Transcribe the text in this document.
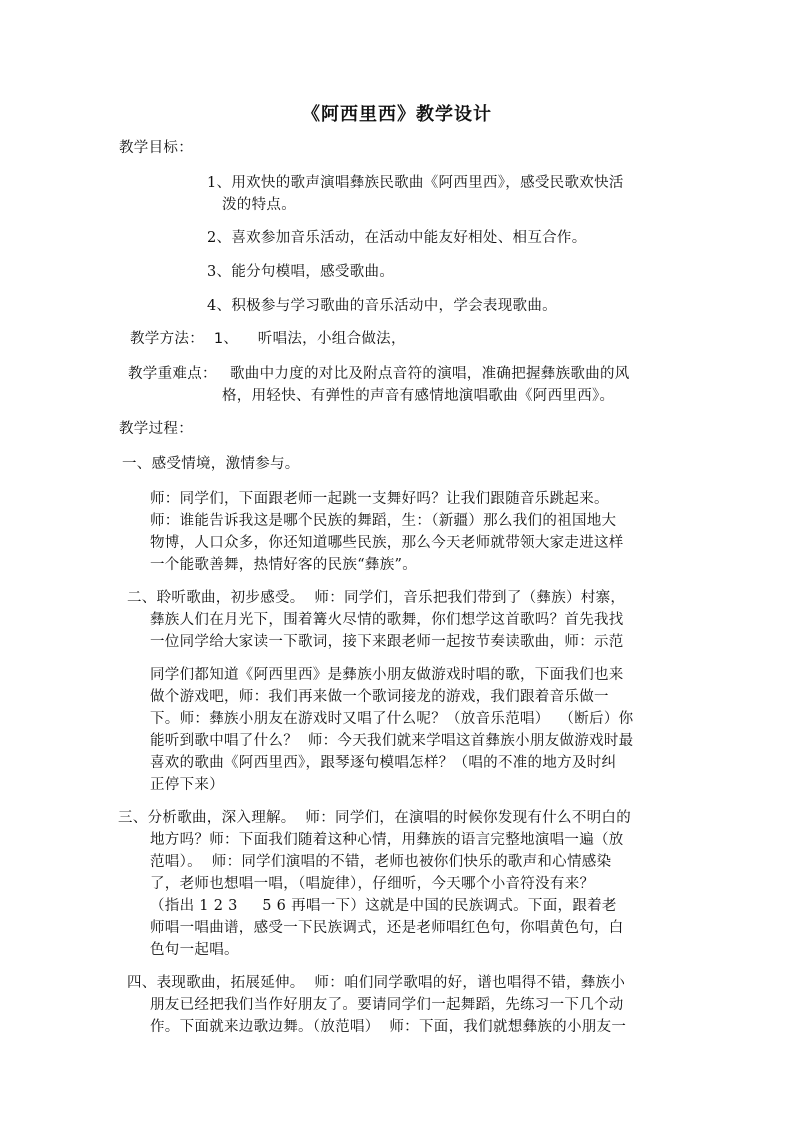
《阿西里西》教学设计
教学目标：
1、用欢快的歌声演唱彝族民歌曲《阿西里西》，感受民歌欢快活
泼的特点。
2、喜欢参加音乐活动，在活动中能友好相处、相互合作。
3、能分句模唱，感受歌曲。
4、积极参与学习歌曲的音乐活动中，学会表现歌曲。
教学方法：  1、    听唱法，小组合做法，
教学重难点： 歌曲中力度的对比及附点音符的演唱，准确把握彝族歌曲的风
格，用轻快、有弹性的声音有感情地演唱歌曲《阿西里西》。
教学过程：
一、感受情境，激情参与。
师：同学们，下面跟老师一起跳一支舞好吗？让我们跟随音乐跳起来。
师：谁能告诉我这是哪个民族的舞蹈，生：（新疆）那么我们的祖国地大
物博，人口众多，你还知道哪些民族，那么今天老师就带领大家走进这样
一个能歌善舞，热情好客的民族“彝族”。
二、聆听歌曲，初步感受。  师：同学们，音乐把我们带到了（彝族）村寨，
彝族人们在月光下，围着篝火尽情的歌舞，你们想学这首歌吗？首先我找
一位同学给大家读一下歌词，接下来跟老师一起按节奏读歌曲，师：示范
同学们都知道《阿西里西》是彝族小朋友做游戏时唱的歌，下面我们也来
做个游戏吧，师：我们再来做一个歌词接龙的游戏，我们跟着音乐做一
下。师：彝族小朋友在游戏时又唱了什么呢？（放音乐范唱）  （断后）你
能听到歌中唱了什么？  师：今天我们就来学唱这首彝族小朋友做游戏时最
喜欢的歌曲《阿西里西》，跟琴逐句模唱怎样？（唱的不准的地方及时纠
正停下来）
三、分析歌曲，深入理解。  师：同学们，在演唱的时候你发现有什么不明白的
地方吗？师：下面我们随着这种心情，用彝族的语言完整地演唱一遍（放
范唱）。  师：同学们演唱的不错，老师也被你们快乐的歌声和心情感染
了，老师也想唱一唱，（唱旋律），仔细听，今天哪个小音符没有来？
（指出 1 2 3     5 6 再唱一下）这就是中国的民族调式。下面，跟着老
师唱一唱曲谱，感受一下民族调式，还是老师唱红色句，你唱黄色句，白
色句一起唱。
四、表现歌曲，拓展延伸。  师：咱们同学歌唱的好，谱也唱得不错，彝族小
朋友已经把我们当作好朋友了。要请同学们一起舞蹈，先练习一下几个动
作。下面就来边歌边舞。（放范唱）  师：下面，我们就想彝族的小朋友一
